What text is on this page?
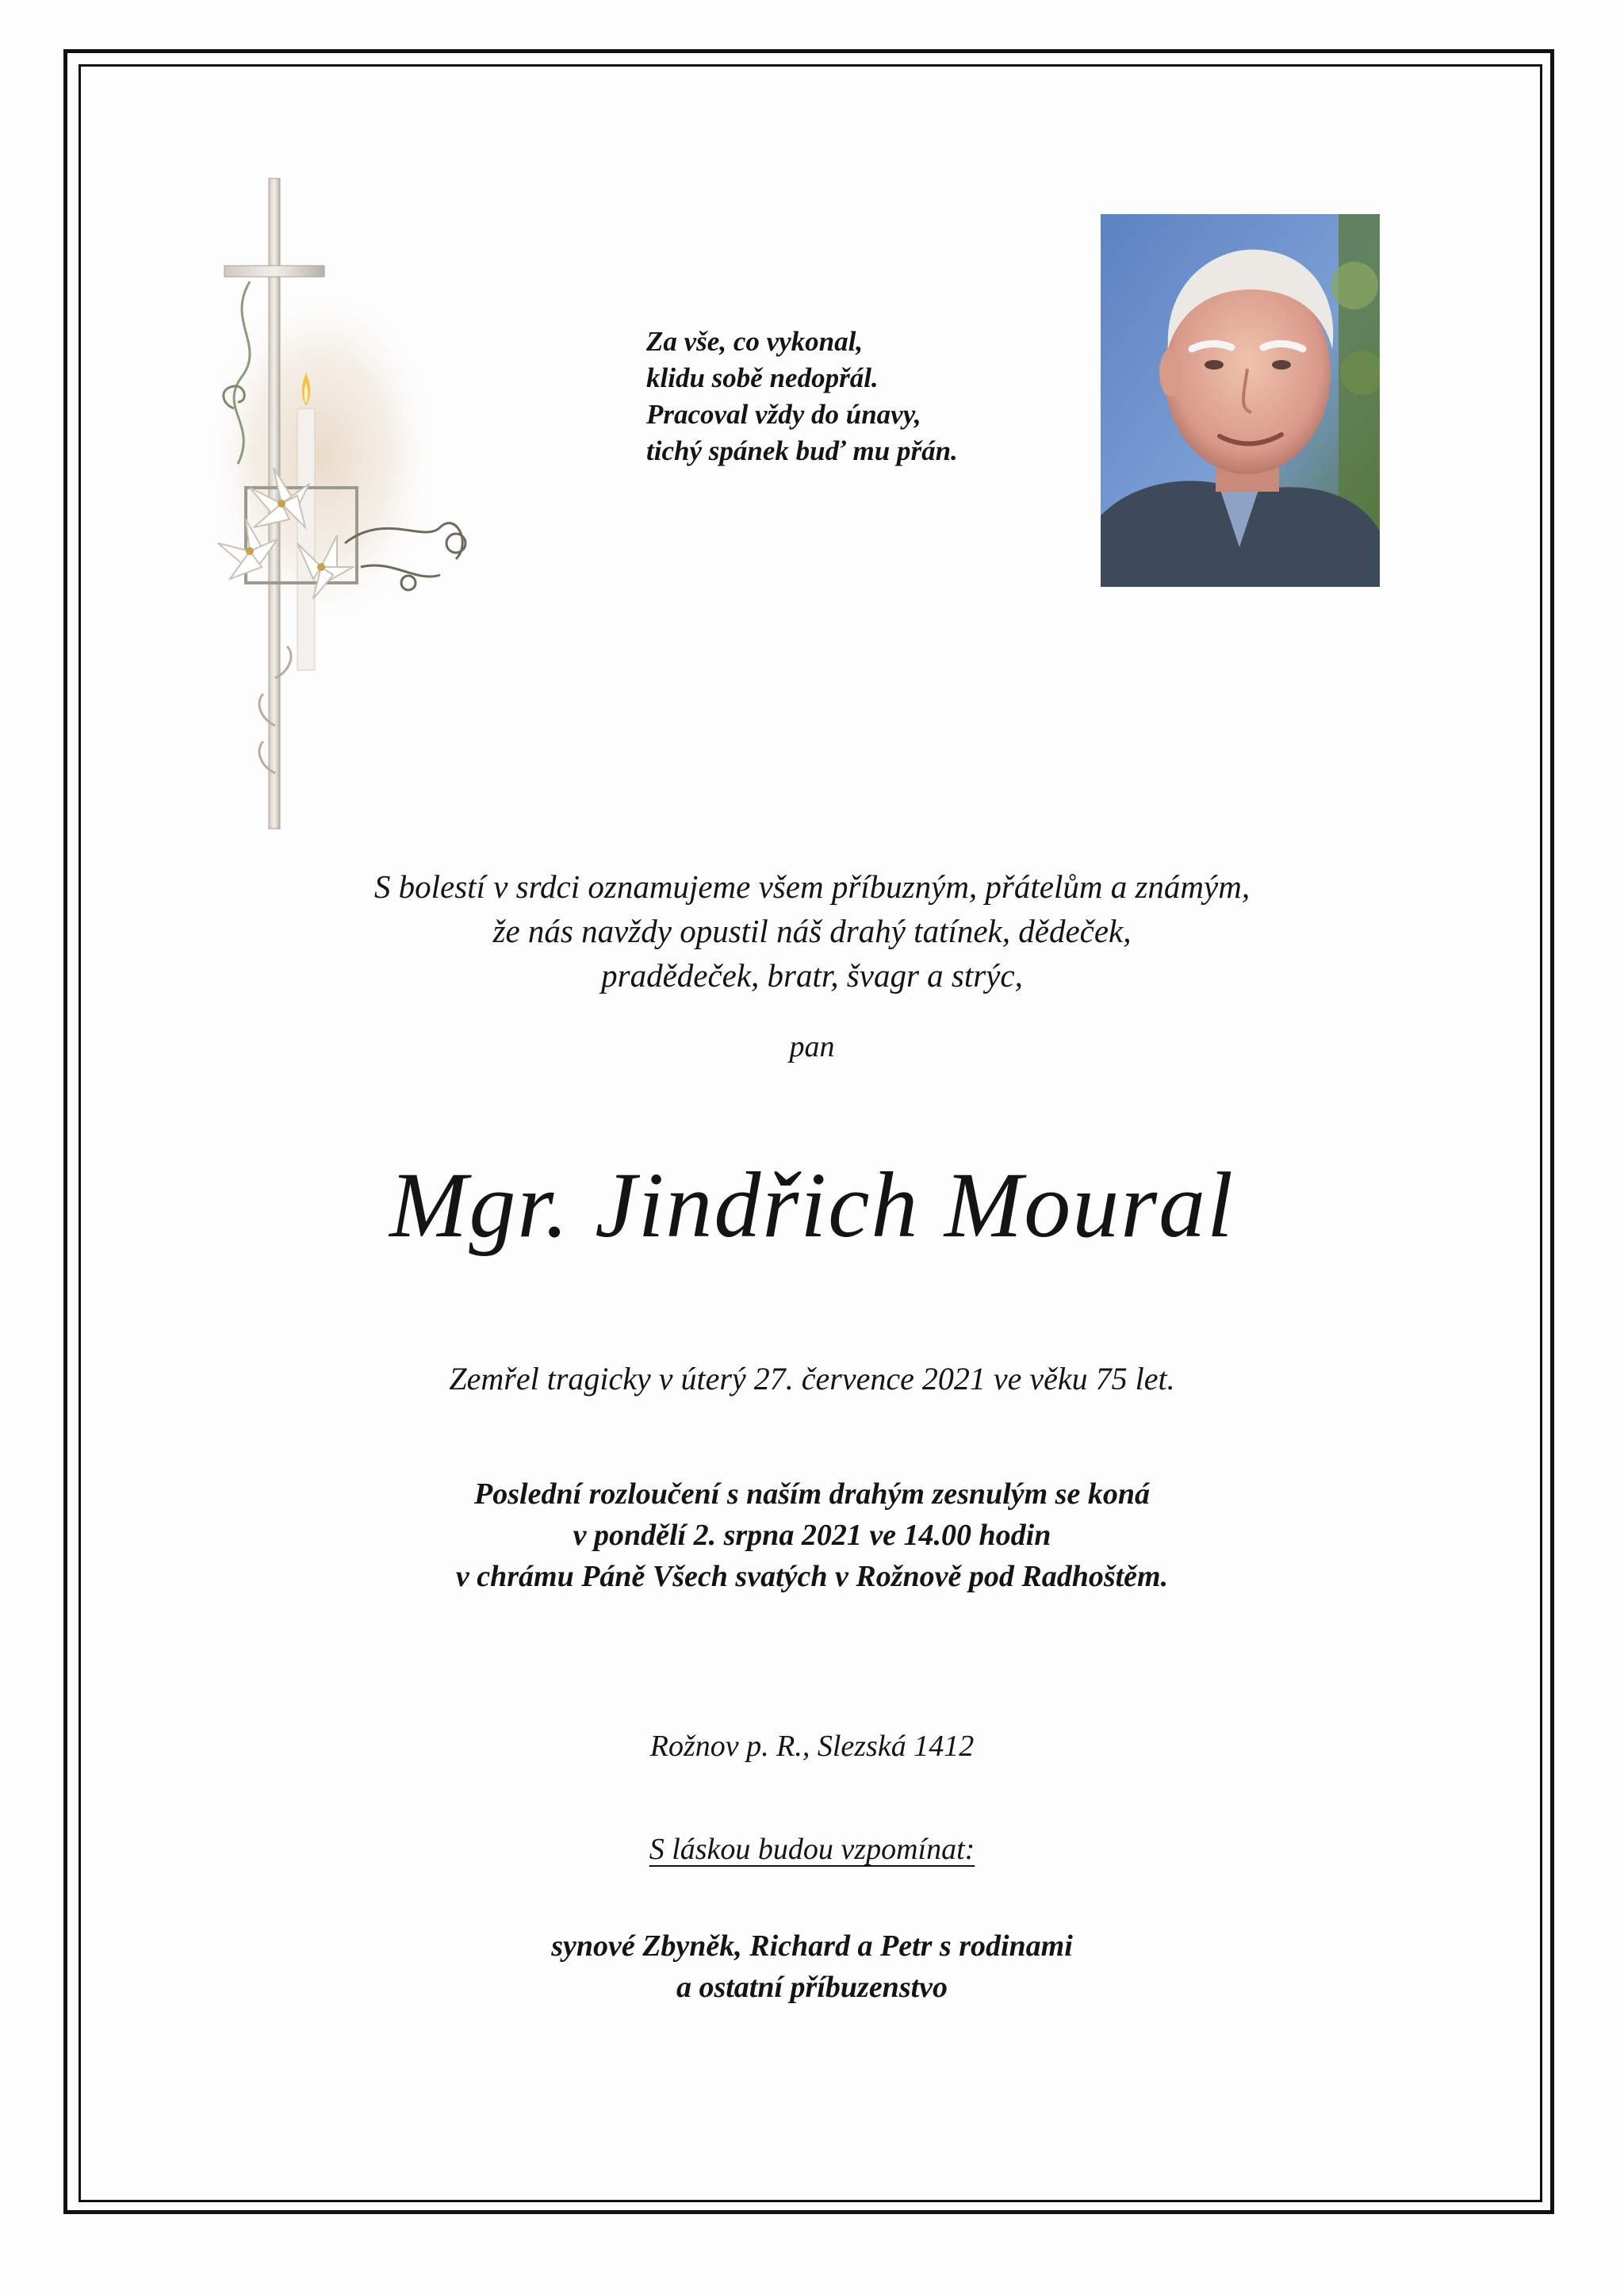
Za vše, co vykonal,
klidu sobě nedopřál.
Pracoval vždy do únavy,
tichý spánek buď mu přán.
S bolestí v srdci oznamujeme všem příbuzným, přátelům a známým,
že nás navždy opustil náš drahý tatínek, dědeček,
pradědeček, bratr, švagr a strýc,
pan
Mgr. Jindřich Moural
Zemřel tragicky v úterý 27. července 2021 ve věku 75 let.
Poslední rozloučení s naším drahým zesnulým se koná
v pondělí 2. srpna 2021 ve 14.00 hodin
v chrámu Páně Všech svatých v Rožnově pod Radhoštěm.
Rožnov p. R., Slezská 1412
S láskou budou vzpomínat:
synové Zbyněk, Richard a Petr s rodinami
a ostatní příbuzenstvo
